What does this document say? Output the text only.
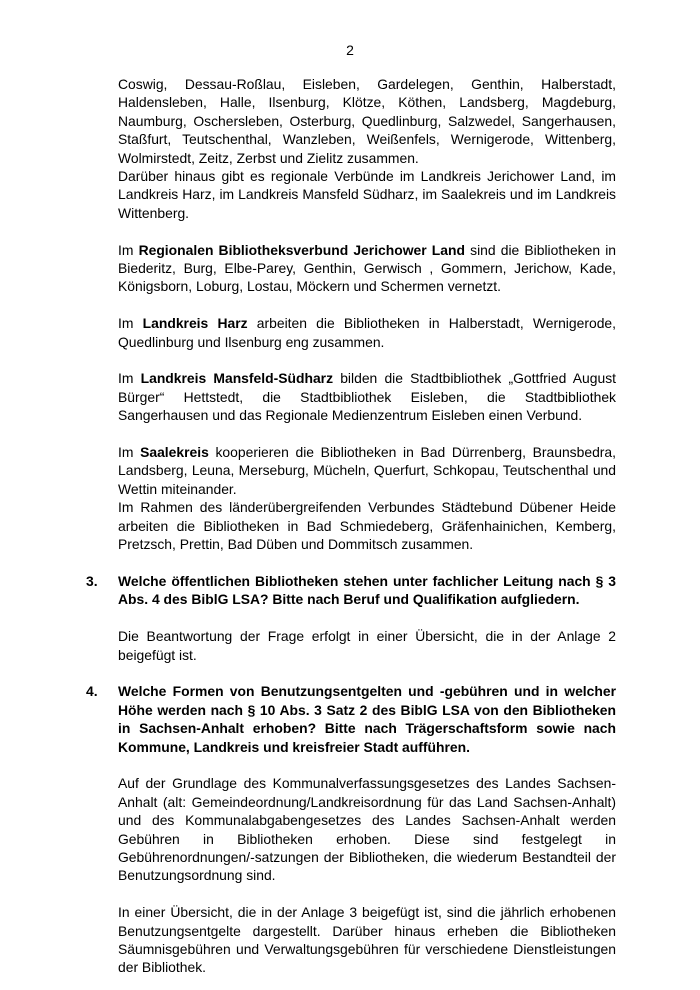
2

Coswig, Dessau-Roßlau, Eisleben, Gardelegen, Genthin, Halberstadt, Haldensleben, Halle, Ilsenburg, Klötze, Köthen, Landsberg, Magdeburg, Naumburg, Oschersleben, Osterburg, Quedlinburg, Salzwedel, Sangerhausen, Staßfurt, Teutschenthal, Wanzleben, Weißenfels, Wernigerode, Wittenberg, Wolmirstedt, Zeitz, Zerbst und Zielitz zusammen.

Darüber hinaus gibt es regionale Verbünde im Landkreis Jerichower Land, im Landkreis Harz, im Landkreis Mansfeld Südharz, im Saalekreis und im Landkreis Wittenberg.

Im Regionalen Bibliotheksverbund Jerichower Land sind die Bibliotheken in Biederitz, Burg, Elbe-Parey, Genthin, Gerwisch , Gommern, Jerichow, Kade, Königsborn, Loburg, Lostau, Möckern und Schermen vernetzt.

Im Landkreis Harz arbeiten die Bibliotheken in Halberstadt, Wernigerode, Quedlinburg und Ilsenburg eng zusammen.

Im Landkreis Mansfeld-Südharz bilden die Stadtbibliothek „Gottfried August Bürger“ Hettstedt, die Stadtbibliothek Eisleben, die Stadtbibliothek Sangerhausen und das Regionale Medienzentrum Eisleben einen Verbund.

Im Saalekreis kooperieren die Bibliotheken in Bad Dürrenberg, Braunsbedra, Landsberg, Leuna, Merseburg, Mücheln, Querfurt, Schkopau, Teutschenthal und Wettin miteinander.

Im Rahmen des länderübergreifenden Verbundes Städtebund Dübener Heide arbeiten die Bibliotheken in Bad Schmiedeberg, Gräfenhainichen, Kemberg, Pretzsch, Prettin, Bad Düben und Dommitsch zusammen.

3. Welche öffentlichen Bibliotheken stehen unter fachlicher Leitung nach § 3 Abs. 4 des BiblG LSA? Bitte nach Beruf und Qualifikation aufgliedern.

Die Beantwortung der Frage erfolgt in einer Übersicht, die in der Anlage 2 beigefügt ist.

4. Welche Formen von Benutzungsentgelten und -gebühren und in welcher Höhe werden nach § 10 Abs. 3 Satz 2 des BiblG LSA von den Bibliotheken in Sachsen-Anhalt erhoben? Bitte nach Trägerschaftsform sowie nach Kommune, Landkreis und kreisfreier Stadt aufführen.

Auf der Grundlage des Kommunalverfassungsgesetzes des Landes Sachsen-Anhalt (alt: Gemeindeordnung/Landkreisordnung für das Land Sachsen-Anhalt) und des Kommunalabgabengesetzes des Landes Sachsen-Anhalt werden Gebühren in Bibliotheken erhoben. Diese sind festgelegt in Gebührenordnungen/-satzungen der Bibliotheken, die wiederum Bestandteil der Benutzungsordnung sind.

In einer Übersicht, die in der Anlage 3 beigefügt ist, sind die jährlich erhobenen Benutzungsentgelte dargestellt. Darüber hinaus erheben die Bibliotheken Säumnisgebühren und Verwaltungsgebühren für verschiedene Dienstleistungen der Bibliothek.
